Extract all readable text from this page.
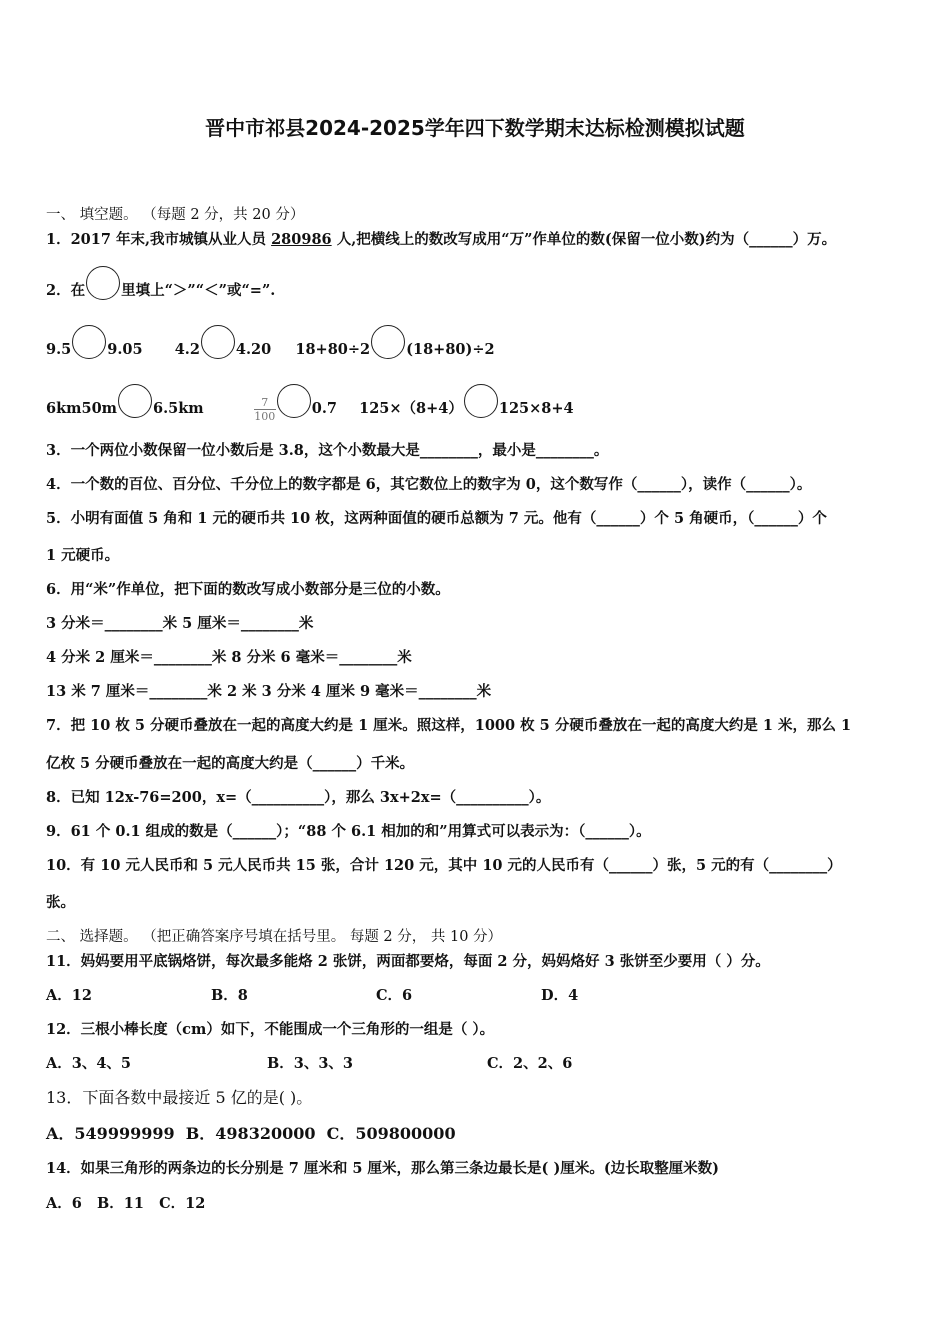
晋中市祁县2024-2025学年四下数学期末达标检测模拟试题
一、 填空题。 （每题 2 分，共 20 分）
1．2017 年末,我市城镇从业人员 280986 人,把横线上的数改写成用“万”作单位的数(保留一位小数)约为（______）万。
2．在 里填上“＞”“＜”或“=”.
9.5 9.05 4.2 4.20 18+80÷2 (18+80)÷2
6km50m 6.5km	$\frac{7}{100} 0.7$ 125×（8+4） 125×8+4
3．一个两位小数保留一位小数后是 3.8，这个小数最大是________，最小是________。
4．一个数的百位、百分位、千分位上的数字都是 6，其它数位上的数字为 0，这个数写作（______），读作（______）。
5．小明有面值 5 角和 1 元的硬币共 10 枚，这两种面值的硬币总额为 7 元。他有（______）个 5 角硬币，（______）个
1 元硬币。
6．用“米”作单位，把下面的数改写成小数部分是三位的小数。
3 分米＝________米 5 厘米＝________米
4 分米 2 厘米＝________米 8 分米 6 毫米＝________米
13 米 7 厘米＝________米 2 米 3 分米 4 厘米 9 毫米＝________米
7．把 10 枚 5 分硬币叠放在一起的高度大约是 1 厘米。照这样，1000 枚 5 分硬币叠放在一起的高度大约是 1 米，那么 1
亿枚 5 分硬币叠放在一起的高度大约是（______）千米。
8．已知 12x-76=200，x=（__________），那么 3x+2x=（__________）。
9．61 个 0.1 组成的数是（______）；“88 个 6.1 相加的和”用算式可以表示为：（______）。
10．有 10 元人民币和 5 元人民币共 15 张，合计 120 元，其中 10 元的人民币有（______）张，5 元的有（________）
张。
二、 选择题。 （把正确答案序号填在括号里。 每题 2 分， 共 10 分）
11．妈妈要用平底锅烙饼，每次最多能烙 2 张饼，两面都要烙，每面 2 分，妈妈烙好 3 张饼至少要用（ ）分。
A．12	B．8	C．6	D．4
12．三根小棒长度（cm）如下，不能围成一个三角形的一组是（ ）。
A．3、4、5	B．3、3、3	C．2、2、6
13．下面各数中最接近 5 亿的是( )。
A．549999999 B．498320000 C．509800000
14．如果三角形的两条边的长分别是 7 厘米和 5 厘米，那么第三条边最长是( )厘米。(边长取整厘米数)
A．6 B．11 C．12
